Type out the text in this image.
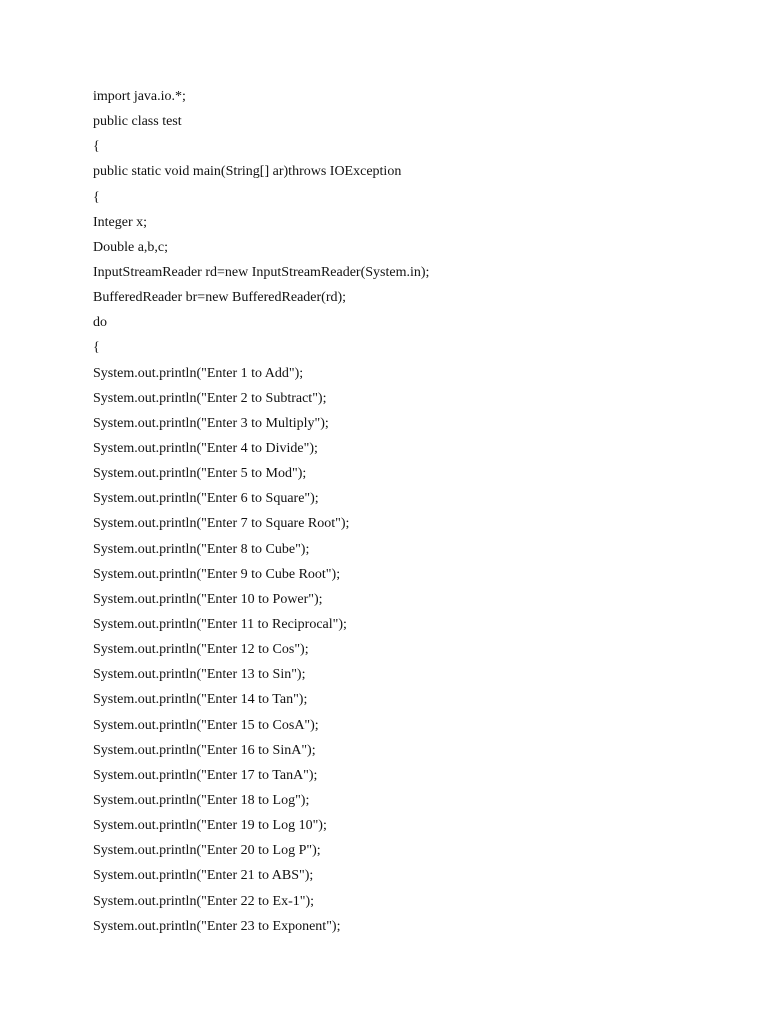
import java.io.*;
public class test
{
public static void main(String[] ar)throws IOException
{
Integer x;
Double a,b,c;
InputStreamReader rd=new InputStreamReader(System.in);
BufferedReader br=new BufferedReader(rd);
do
{
System.out.println("Enter 1 to Add");
System.out.println("Enter 2 to Subtract");
System.out.println("Enter 3 to Multiply");
System.out.println("Enter 4 to Divide");
System.out.println("Enter 5 to Mod");
System.out.println("Enter 6 to Square");
System.out.println("Enter 7 to Square Root");
System.out.println("Enter 8 to Cube");
System.out.println("Enter 9 to Cube Root");
System.out.println("Enter 10 to Power");
System.out.println("Enter 11 to Reciprocal");
System.out.println("Enter 12 to Cos");
System.out.println("Enter 13 to Sin");
System.out.println("Enter 14 to Tan");
System.out.println("Enter 15 to CosA");
System.out.println("Enter 16 to SinA");
System.out.println("Enter 17 to TanA");
System.out.println("Enter 18 to Log");
System.out.println("Enter 19 to Log 10");
System.out.println("Enter 20 to Log P");
System.out.println("Enter 21 to ABS");
System.out.println("Enter 22 to Ex-1");
System.out.println("Enter 23 to Exponent");
